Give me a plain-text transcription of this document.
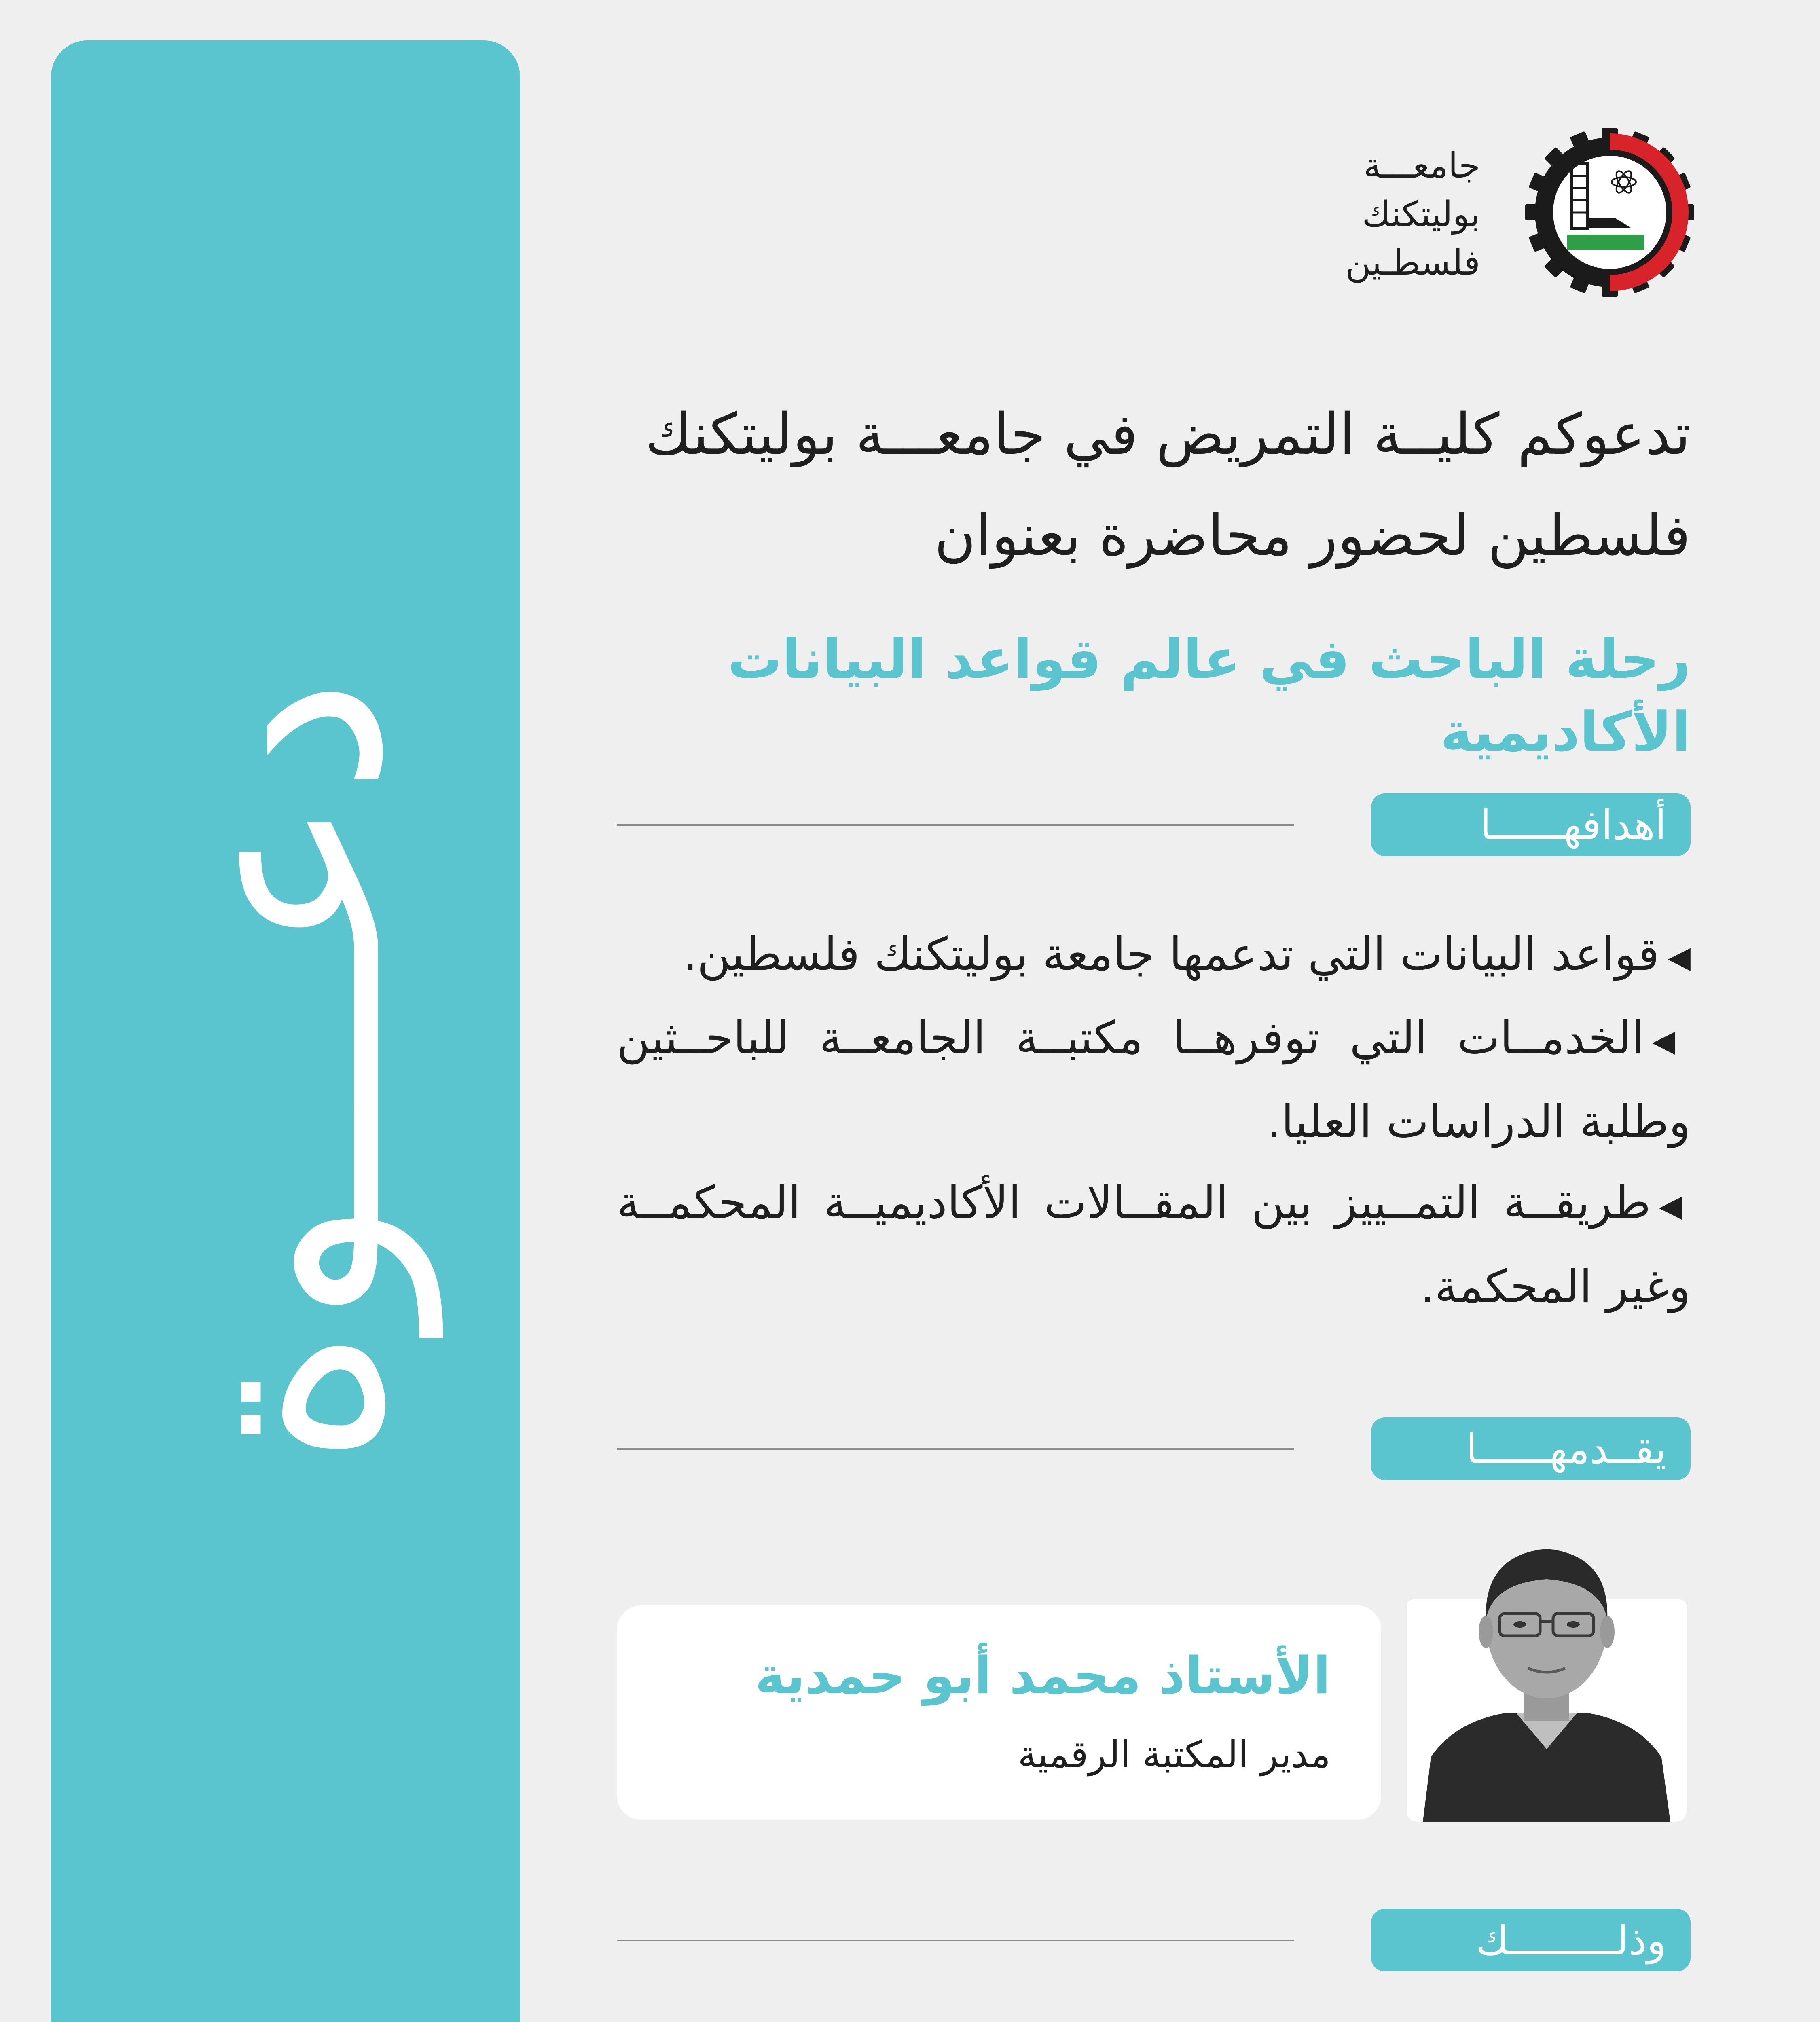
دعـــوة
جامعـــة
بوليتكنك
فلسطـين
تدعوكم كليــة التمريض في جامعـــة بوليتكنك
فلسطين لحضور محاضرة بعنوان
رحلة الباحث في عالم قواعد البيانات الأكاديمية
أهدافهــــــا
◀قواعد البيانات التي تدعمها جامعة بوليتكنك فلسطين.
◀الخدمــات التي توفرهــا مكتبــة الجامعــة للباحــثين وطلبة الدراسات العليا.
◀طريقــة التمــييز بين المقــالات الأكاديميــة المحكمــة وغير المحكمة.
يقــدمهــــــا
الأستاذ محمد أبو حمدية
مدير المكتبة الرقمية
وذلـــــــــك
